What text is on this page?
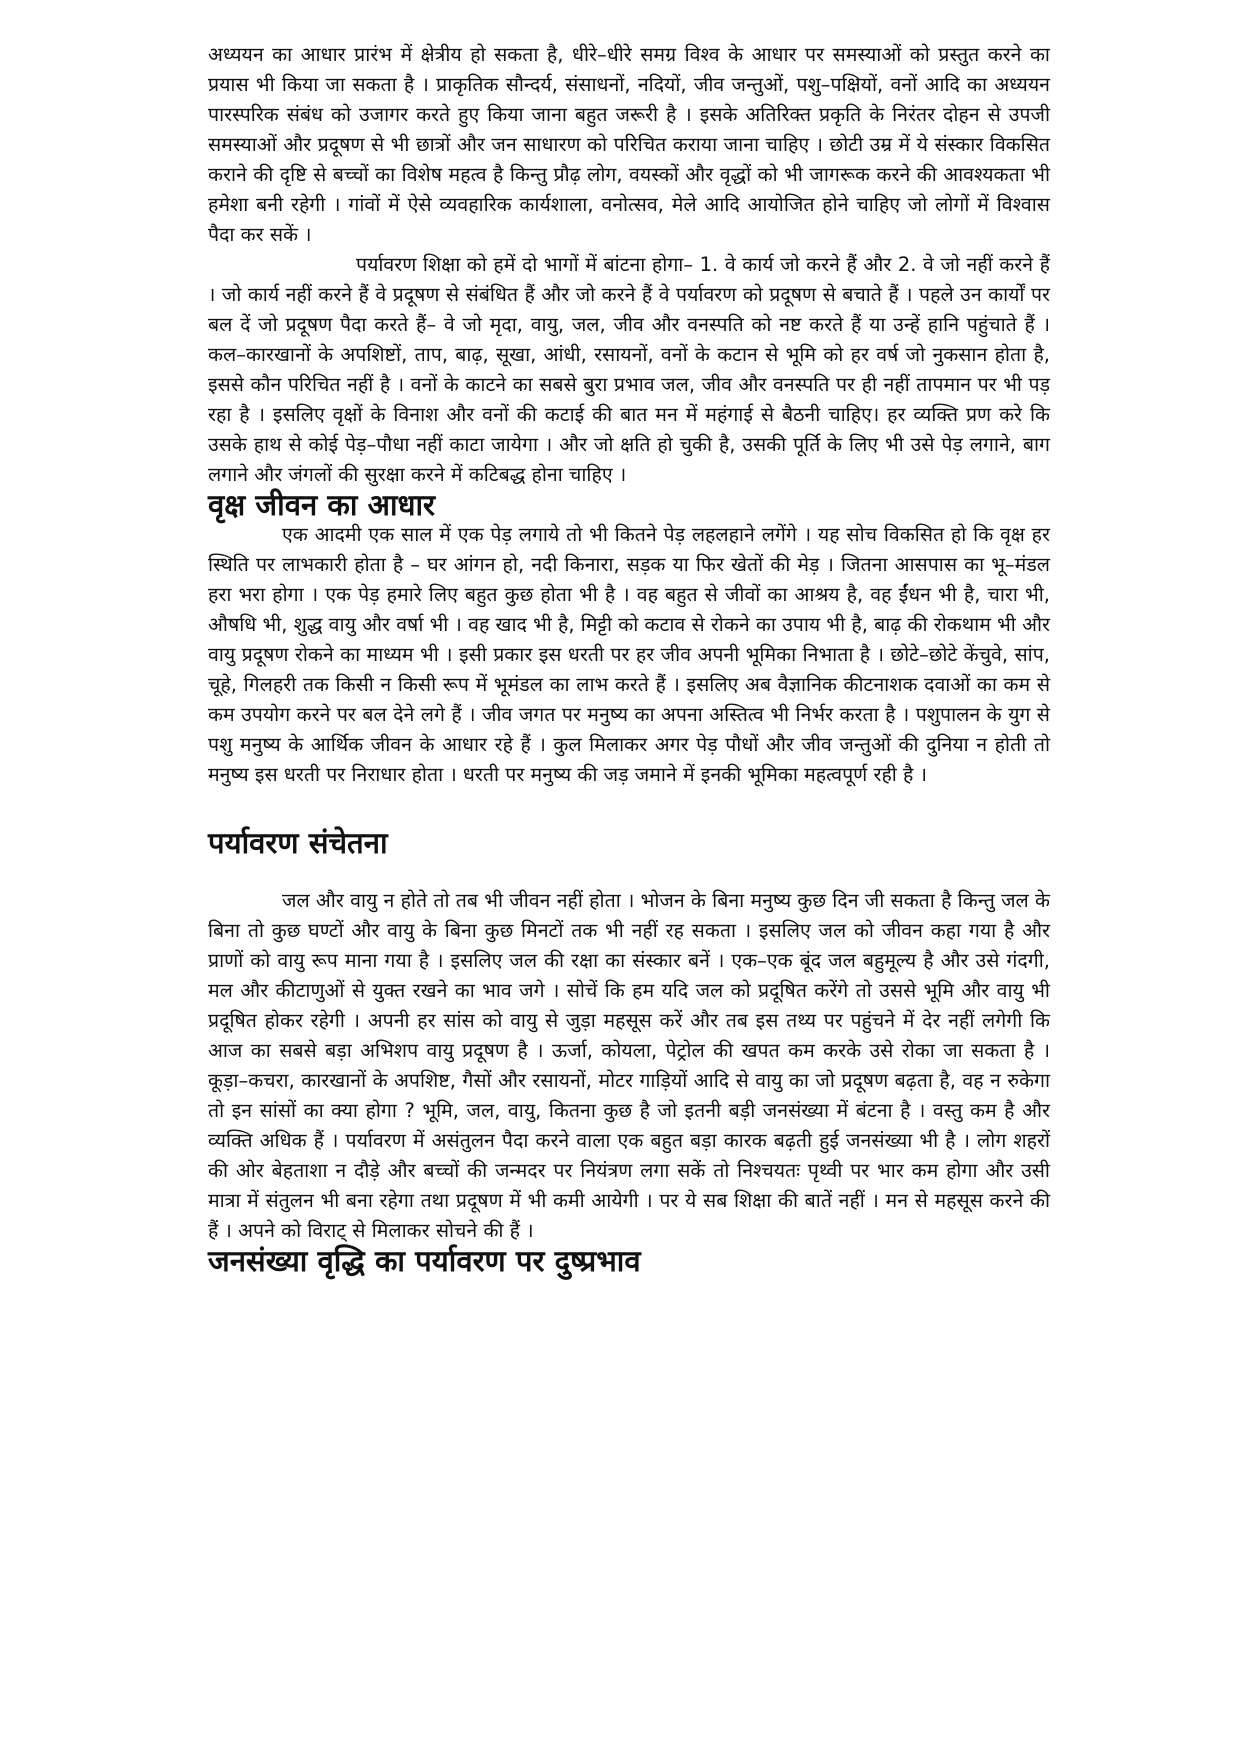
अध्ययन का आधार प्रारंभ में क्षेत्रीय हो सकता है, धीरे–धीरे समग्र विश्व के आधार पर समस्याओं को प्रस्तुत करने का प्रयास भी किया जा सकता है । प्राकृतिक सौन्दर्य, संसाधनों, नदियों, जीव जन्तुओं, पशु–पक्षियों, वनों आदि का अध्ययन पारस्परिक संबंध को उजागर करते हुए किया जाना बहुत जरूरी है । इसके अतिरिक्त प्रकृति के निरंतर दोहन से उपजी समस्याओं और प्रदूषण से भी छात्रों और जन साधारण को परिचित कराया जाना चाहिए । छोटी उम्र में ये संस्कार विकसित कराने की दृष्टि से बच्चों का विशेष महत्व है किन्तु प्रौढ़ लोग, वयस्कों और वृद्धों को भी जागरूक करने की आवश्यकता भी हमेशा बनी रहेगी । गांवों में ऐसे व्यवहारिक कार्यशाला, वनोत्सव, मेले आदि आयोजित होने चाहिए जो लोगों में विश्वास पैदा कर सकें ।

पर्यावरण शिक्षा को हमें दो भागों में बांटना होगा– 1. वे कार्य जो करने हैं और 2. वे जो नहीं करने हैं । जो कार्य नहीं करने हैं वे प्रदूषण से संबंधित हैं और जो करने हैं वे पर्यावरण को प्रदूषण से बचाते हैं । पहले उन कार्यों पर बल दें जो प्रदूषण पैदा करते हैं– वे जो मृदा, वायु, जल, जीव और वनस्पति को नष्ट करते हैं या उन्हें हानि पहुंचाते हैं । कल–कारखानों के अपशिष्टों, ताप, बाढ़, सूखा, आंधी, रसायनों, वनों के कटान से भूमि को हर वर्ष जो नुकसान होता है, इससे कौन परिचित नहीं है । वनों के काटने का सबसे बुरा प्रभाव जल, जीव और वनस्पति पर ही नहीं तापमान पर भी पड़ रहा है । इसलिए वृक्षों के विनाश और वनों की कटाई की बात मन में महंगाई से बैठनी चाहिए। हर व्यक्ति प्रण करे कि उसके हाथ से कोई पेड़–पौधा नहीं काटा जायेगा । और जो क्षति हो चुकी है, उसकी पूर्ति के लिए भी उसे पेड़ लगाने, बाग लगाने और जंगलों की सुरक्षा करने में कटिबद्ध होना चाहिए ।

वृक्ष जीवन का आधार

एक आदमी एक साल में एक पेड़ लगाये तो भी कितने पेड़ लहलहाने लगेंगे । यह सोच विकसित हो कि वृक्ष हर स्थिति पर लाभकारी होता है – घर आंगन हो, नदी किनारा, सड़क या फिर खेतों की मेड़ । जितना आसपास का भू–मंडल हरा भरा होगा । एक पेड़ हमारे लिए बहुत कुछ होता भी है । वह बहुत से जीवों का आश्रय है, वह ईंधन भी है, चारा भी, औषधि भी, शुद्ध वायु और वर्षा भी । वह खाद भी है, मिट्टी को कटाव से रोकने का उपाय भी है, बाढ़ की रोकथाम भी और वायु प्रदूषण रोकने का माध्यम भी । इसी प्रकार इस धरती पर हर जीव अपनी भूमिका निभाता है । छोटे–छोटे केंचुवे, सांप, चूहे, गिलहरी तक किसी न किसी रूप में भूमंडल का लाभ करते हैं । इसलिए अब वैज्ञानिक कीटनाशक दवाओं का कम से कम उपयोग करने पर बल देने लगे हैं । जीव जगत पर मनुष्य का अपना अस्तित्व भी निर्भर करता है । पशुपालन के युग से पशु मनुष्य के आर्थिक जीवन के आधार रहे हैं । कुल मिलाकर अगर पेड़ पौधों और जीव जन्तुओं की दुनिया न होती तो मनुष्य इस धरती पर निराधार होता । धरती पर मनुष्य की जड़ जमाने में इनकी भूमिका महत्वपूर्ण रही है ।

पर्यावरण संचेतना

जल और वायु न होते तो तब भी जीवन नहीं होता । भोजन के बिना मनुष्य कुछ दिन जी सकता है किन्तु जल के बिना तो कुछ घण्टों और वायु के बिना कुछ मिनटों तक भी नहीं रह सकता । इसलिए जल को जीवन कहा गया है और प्राणों को वायु रूप माना गया है । इसलिए जल की रक्षा का संस्कार बनें । एक–एक बूंद जल बहुमूल्य है और उसे गंदगी, मल और कीटाणुओं से युक्त रखने का भाव जगे । सोचें कि हम यदि जल को प्रदूषित करेंगे तो उससे भूमि और वायु भी प्रदूषित होकर रहेगी । अपनी हर सांस को वायु से जुड़ा महसूस करें और तब इस तथ्य पर पहुंचने में देर नहीं लगेगी कि आज का सबसे बड़ा अभिशप वायु प्रदूषण है । ऊर्जा, कोयला, पेट्रोल की खपत कम करके उसे रोका जा सकता है । कूड़ा–कचरा, कारखानों के अपशिष्ट, गैसों और रसायनों, मोटर गाड़ियों आदि से वायु का जो प्रदूषण बढ़ता है, वह न रुकेगा तो इन सांसों का क्या होगा ? भूमि, जल, वायु, कितना कुछ है जो इतनी बड़ी जनसंख्या में बंटना है । वस्तु कम है और व्यक्ति अधिक हैं । पर्यावरण में असंतुलन पैदा करने वाला एक बहुत बड़ा कारक बढ़ती हुई जनसंख्या भी है । लोग शहरों की ओर बेहताशा न दौड़े और बच्चों की जन्मदर पर नियंत्रण लगा सकें तो निश्चयतः पृथ्वी पर भार कम होगा और उसी मात्रा में संतुलन भी बना रहेगा तथा प्रदूषण में भी कमी आयेगी । पर ये सब शिक्षा की बातें नहीं । मन से महसूस करने की हैं । अपने को विराट् से मिलाकर सोचने की हैं ।

जनसंख्या वृद्धि का पर्यावरण पर दुष्प्रभाव
